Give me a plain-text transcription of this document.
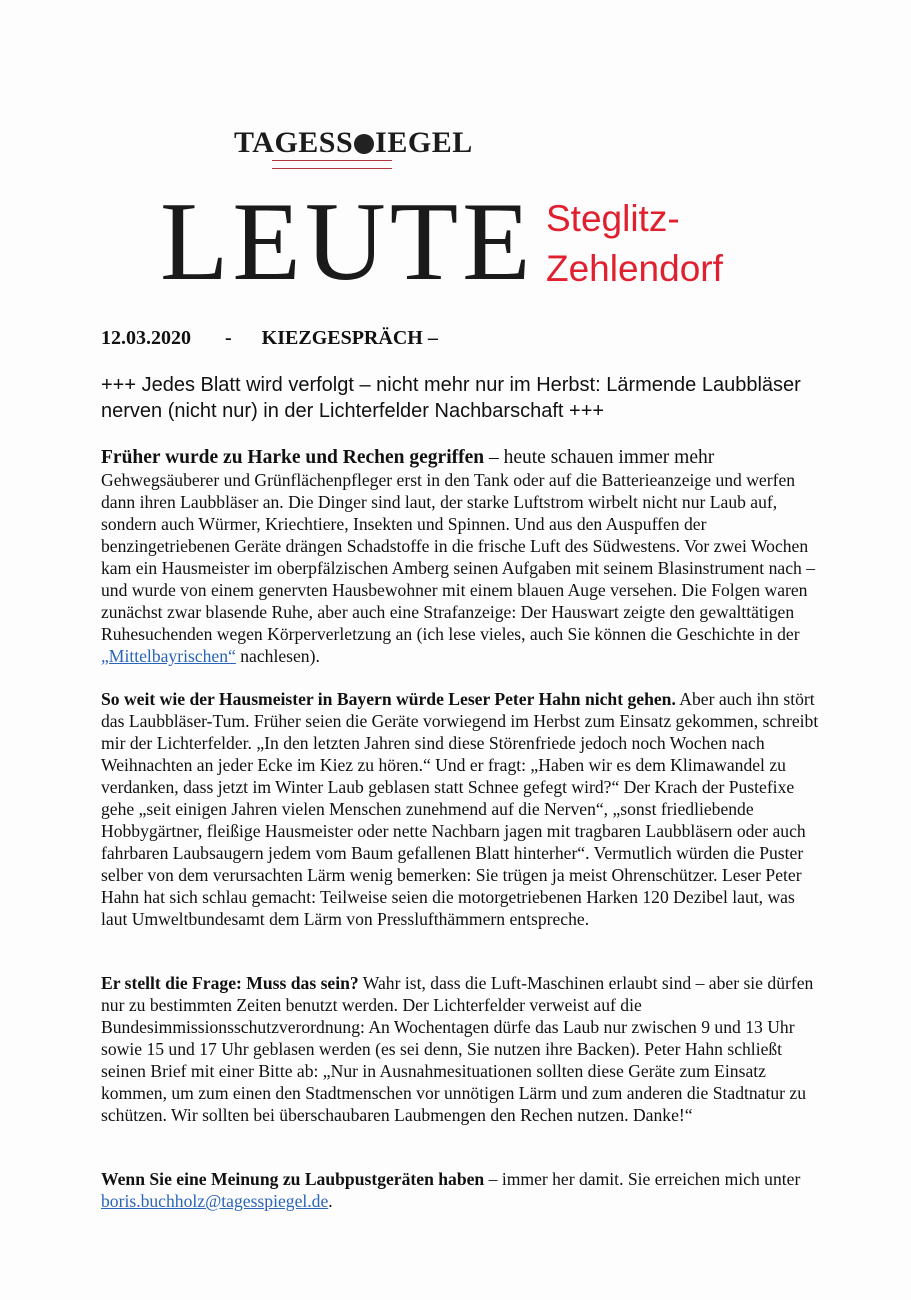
TAGESS IEGEL
LEUTE Steglitz-
Zehlendorf
12.03.2020 - KIEZGESPRÄCH –
+++ Jedes Blatt wird verfolgt – nicht mehr nur im Herbst: Lärmende Laubbläser nerven (nicht nur) in der Lichterfelder Nachbarschaft +++
Früher wurde zu Harke und Rechen gegriffen – heute schauen immer mehr Gehwegsäuberer und Grünflächenpfleger erst in den Tank oder auf die Batterieanzeige und werfen dann ihren Laubbläser an. Die Dinger sind laut, der starke Luftstrom wirbelt nicht nur Laub auf, sondern auch Würmer, Kriechtiere, Insekten und Spinnen. Und aus den Auspuffen der benzingetriebenen Geräte drängen Schadstoffe in die frische Luft des Südwestens. Vor zwei Wochen kam ein Hausmeister im oberpfälzischen Amberg seinen Aufgaben mit seinem Blasinstrument nach – und wurde von einem genervten Hausbewohner mit einem blauen Auge versehen. Die Folgen waren zunächst zwar blasende Ruhe, aber auch eine Strafanzeige: Der Hauswart zeigte den gewalttätigen Ruhesuchenden wegen Körperverletzung an (ich lese vieles, auch Sie können die Geschichte in der „Mittelbayrischen“ nachlesen).
So weit wie der Hausmeister in Bayern würde Leser Peter Hahn nicht gehen. Aber auch ihn stört das Laubbläser-Tum. Früher seien die Geräte vorwiegend im Herbst zum Einsatz gekommen, schreibt mir der Lichterfelder. „In den letzten Jahren sind diese Störenfriede jedoch noch Wochen nach Weihnachten an jeder Ecke im Kiez zu hören.“ Und er fragt: „Haben wir es dem Klimawandel zu verdanken, dass jetzt im Winter Laub geblasen statt Schnee gefegt wird?“ Der Krach der Pustefixe gehe „seit einigen Jahren vielen Menschen zunehmend auf die Nerven“, „sonst friedliebende Hobbygärtner, fleißige Hausmeister oder nette Nachbarn jagen mit tragbaren Laubbläsern oder auch fahrbaren Laubsaugern jedem vom Baum gefallenen Blatt hinterher“. Vermutlich würden die Puster selber von dem verursachten Lärm wenig bemerken: Sie trügen ja meist Ohrenschützer. Leser Peter Hahn hat sich schlau gemacht: Teilweise seien die motorgetriebenen Harken 120 Dezibel laut, was laut Umweltbundesamt dem Lärm von Presslufthämmern entspreche.
Er stellt die Frage: Muss das sein? Wahr ist, dass die Luft-Maschinen erlaubt sind – aber sie dürfen nur zu bestimmten Zeiten benutzt werden. Der Lichterfelder verweist auf die Bundesimmissionsschutzverordnung: An Wochentagen dürfe das Laub nur zwischen 9 und 13 Uhr sowie 15 und 17 Uhr geblasen werden (es sei denn, Sie nutzen ihre Backen). Peter Hahn schließt seinen Brief mit einer Bitte ab: „Nur in Ausnahmesituationen sollten diese Geräte zum Einsatz kommen, um zum einen den Stadtmenschen vor unnötigen Lärm und zum anderen die Stadtnatur zu schützen. Wir sollten bei überschaubaren Laubmengen den Rechen nutzen. Danke!“
Wenn Sie eine Meinung zu Laubpustgeräten haben – immer her damit. Sie erreichen mich unter boris.buchholz@tagesspiegel.de.
